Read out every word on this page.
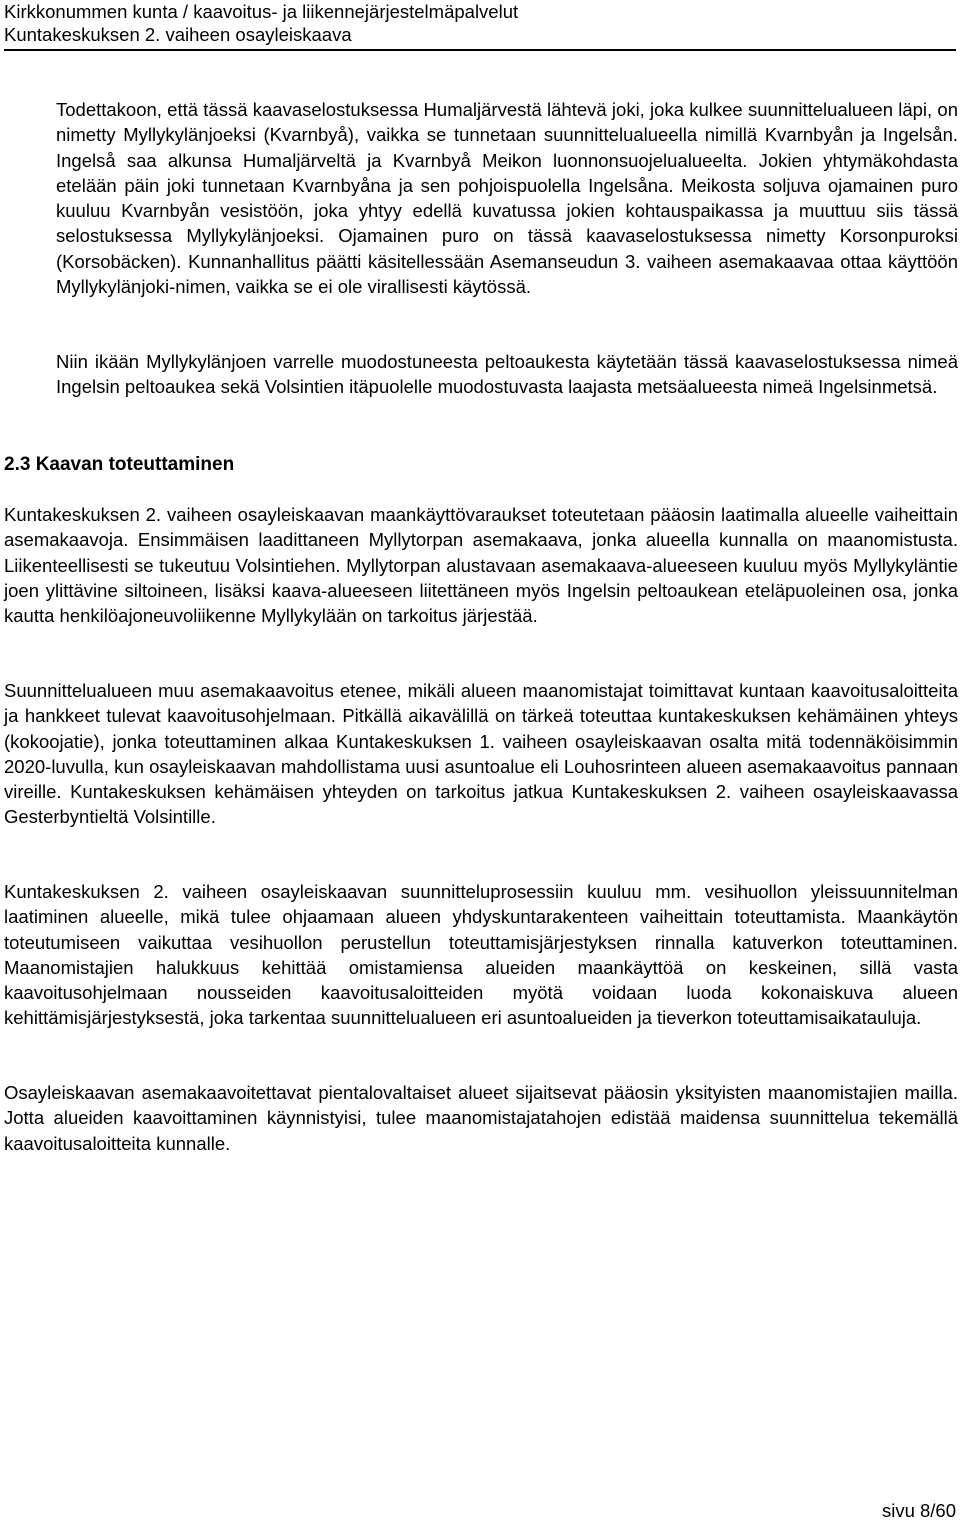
Kirkkonummen kunta / kaavoitus- ja liikennejärjestelmäpalvelut
Kuntakeskuksen 2. vaiheen osayleiskaava

Todettakoon, että tässä kaavaselostuksessa Humaljärvestä lähtevä joki, joka kulkee suunnittelualueen läpi, on nimetty Myllykylänjoeksi (Kvarnbyå), vaikka se tunnetaan suunnittelualueella nimillä Kvarnbyån ja Ingelsån. Ingelså saa alkunsa Humaljärveltä ja Kvarnbyå Meikon luonnonsuojelualueelta. Jokien yhtymäkohdasta etelään päin joki tunnetaan Kvarnbyåna ja sen pohjoispuolella Ingelsåna. Meikosta soljuva ojamainen puro kuuluu Kvarnbyån vesistöön, joka yhtyy edellä kuvatussa jokien kohtauspaikassa ja muuttuu siis tässä selostuksessa Myllykylänjoeksi. Ojamainen puro on tässä kaavaselostuksessa nimetty Korsonpuroksi (Korsobäcken). Kunnanhallitus päätti käsitellessään Asemanseudun 3. vaiheen asemakaavaa ottaa käyttöön Myllykylänjoki-nimen, vaikka se ei ole virallisesti käytössä.

Niin ikään Myllykylänjoen varrelle muodostuneesta peltoaukesta käytetään tässä kaavaselostuksessa nimeä Ingelsin peltoaukea sekä Volsintien itäpuolelle muodostuvasta laajasta metsäalueesta nimeä Ingelsinmetsä.

2.3 Kaavan toteuttaminen

Kuntakeskuksen 2. vaiheen osayleiskaavan maankäyttövaraukset toteutetaan pääosin laatimalla alueelle vaiheittain asemakaavoja. Ensimmäisen laadittaneen Myllytorpan asemakaava, jonka alueella kunnalla on maanomistusta. Liikenteellisesti se tukeutuu Volsintiehen. Myllytorpan alustavaan asemakaava-alueeseen kuuluu myös Myllykyläntie joen ylittävine siltoineen, lisäksi kaava-alueeseen liitettäneen myös Ingelsin peltoaukean eteläpuoleinen osa, jonka kautta henkilöajoneuvoliikenne Myllykylään on tarkoitus järjestää.

Suunnittelualueen muu asemakaavoitus etenee, mikäli alueen maanomistajat toimittavat kuntaan kaavoitusaloitteita ja hankkeet tulevat kaavoitusohjelmaan. Pitkällä aikavälillä on tärkeä toteuttaa kuntakeskuksen kehämäinen yhteys (kokoojatie), jonka toteuttaminen alkaa Kuntakeskuksen 1. vaiheen osayleiskaavan osalta mitä todennäköisimmin 2020-luvulla, kun osayleiskaavan mahdollistama uusi asuntoalue eli Louhosrinteen alueen asemakaavoitus pannaan vireille. Kuntakeskuksen kehämäisen yhteyden on tarkoitus jatkua Kuntakeskuksen 2. vaiheen osayleiskaavassa Gesterbyntieltä Volsintille.

Kuntakeskuksen 2. vaiheen osayleiskaavan suunnitteluprosessiin kuuluu mm. vesihuollon yleissuunnitelman laatiminen alueelle, mikä tulee ohjaamaan alueen yhdyskuntarakenteen vaiheittain toteuttamista. Maankäytön toteutumiseen vaikuttaa vesihuollon perustellun toteuttamisjärjestyksen rinnalla katuverkon toteuttaminen. Maanomistajien halukkuus kehittää omistamiensa alueiden maankäyttöä on keskeinen, sillä vasta kaavoitusohjelmaan nousseiden kaavoitusaloitteiden myötä voidaan luoda kokonaiskuva alueen kehittämisjärjestyksestä, joka tarkentaa suunnittelualueen eri asuntoalueiden ja tieverkon toteuttamisaikatauluja.

Osayleiskaavan asemakaavoitettavat pientalovaltaiset alueet sijaitsevat pääosin yksityisten maanomistajien mailla. Jotta alueiden kaavoittaminen käynnistyisi, tulee maanomistajatahojen edistää maidensa suunnittelua tekemällä kaavoitusaloitteita kunnalle.

sivu 8/60
